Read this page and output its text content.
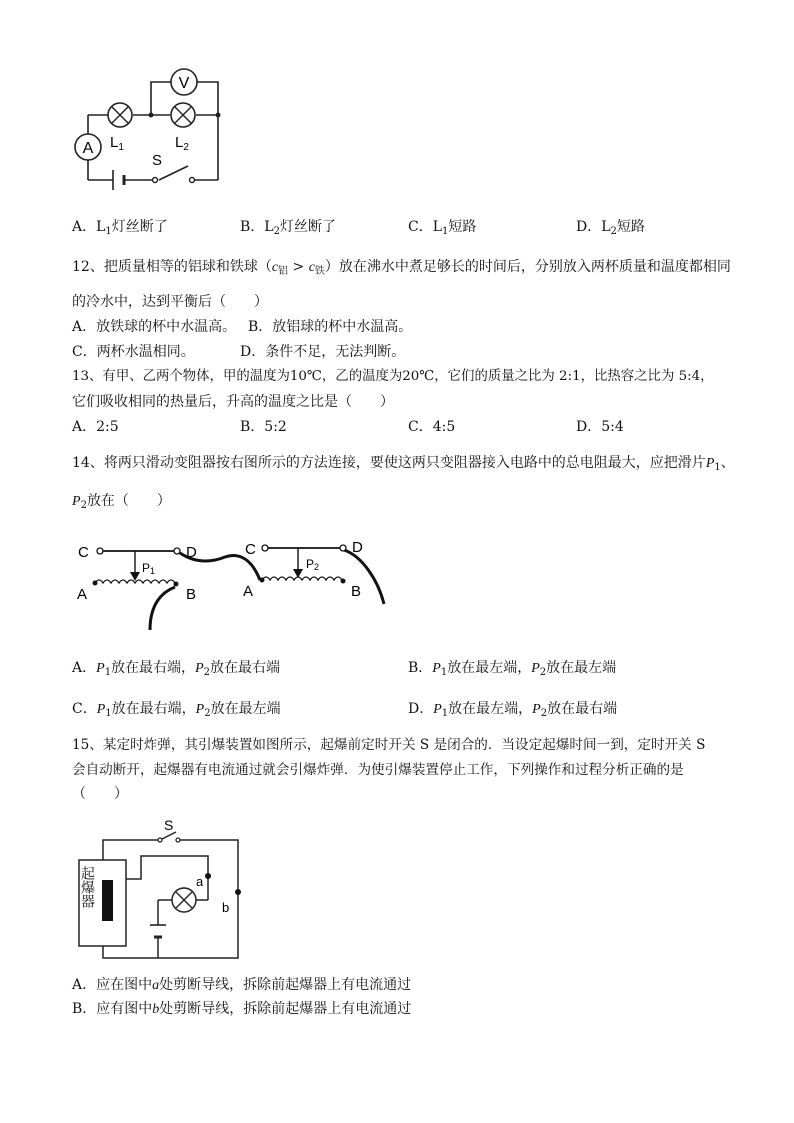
V
A $L_1$	$L_2$
S
A．$L_1$灯丝断了	B．$L_2$灯丝断了	C．$L_1$短路	D．$L_2$短路
12、把质量相等的铝球和铁球$(c_铝 > c_铁)$放在沸水中煮足够长的时间后，分别放入两杯质量和温度都相同
的冷水中，达到平衡后（　　）
A．放铁球的杯中水温高。 B．放铝球的杯中水温高。
C．两杯水温相同。	D．条件不足，无法判断。
13、有甲、乙两个物体，甲的温度为10℃，乙的温度为20℃，它们的质量之比为 2:1，比热容之比为 5:4，
它们吸收相同的热量后，升高的温度之比是（　　）
A．2:5	B．5:2	C．4:5	D．5:4
14、将两只滑动变阻器按右图所示的方法连接，要使这两只变阻器接入电路中的总电阻最大，应把滑片$P_1$、
$P_2$放在（　　）
C	D
P1
A	B
C	D
P2
A	B
A．$P_1$放在最右端，$P_2$放在最右端	B．$P_1$放在最左端，$P_2$放在最左端
C．$P_1$放在最右端，$P_2$放在最左端	D．$P_1$放在最左端，$P_2$放在最右端
15、某定时炸弹，其引爆装置如图所示，起爆前定时开关 S 是闭合的．当设定起爆时间一到，定时开关 S
会自动断开，起爆器有电流通过就会引爆炸弹．为使引爆装置停止工作，下列操作和过程分析正确的是
（　　）
S
a
b
起爆器
A．应在图中a处剪断导线，拆除前起爆器上有电流通过
B．应有图中b处剪断导线，拆除前起爆器上有电流通过
